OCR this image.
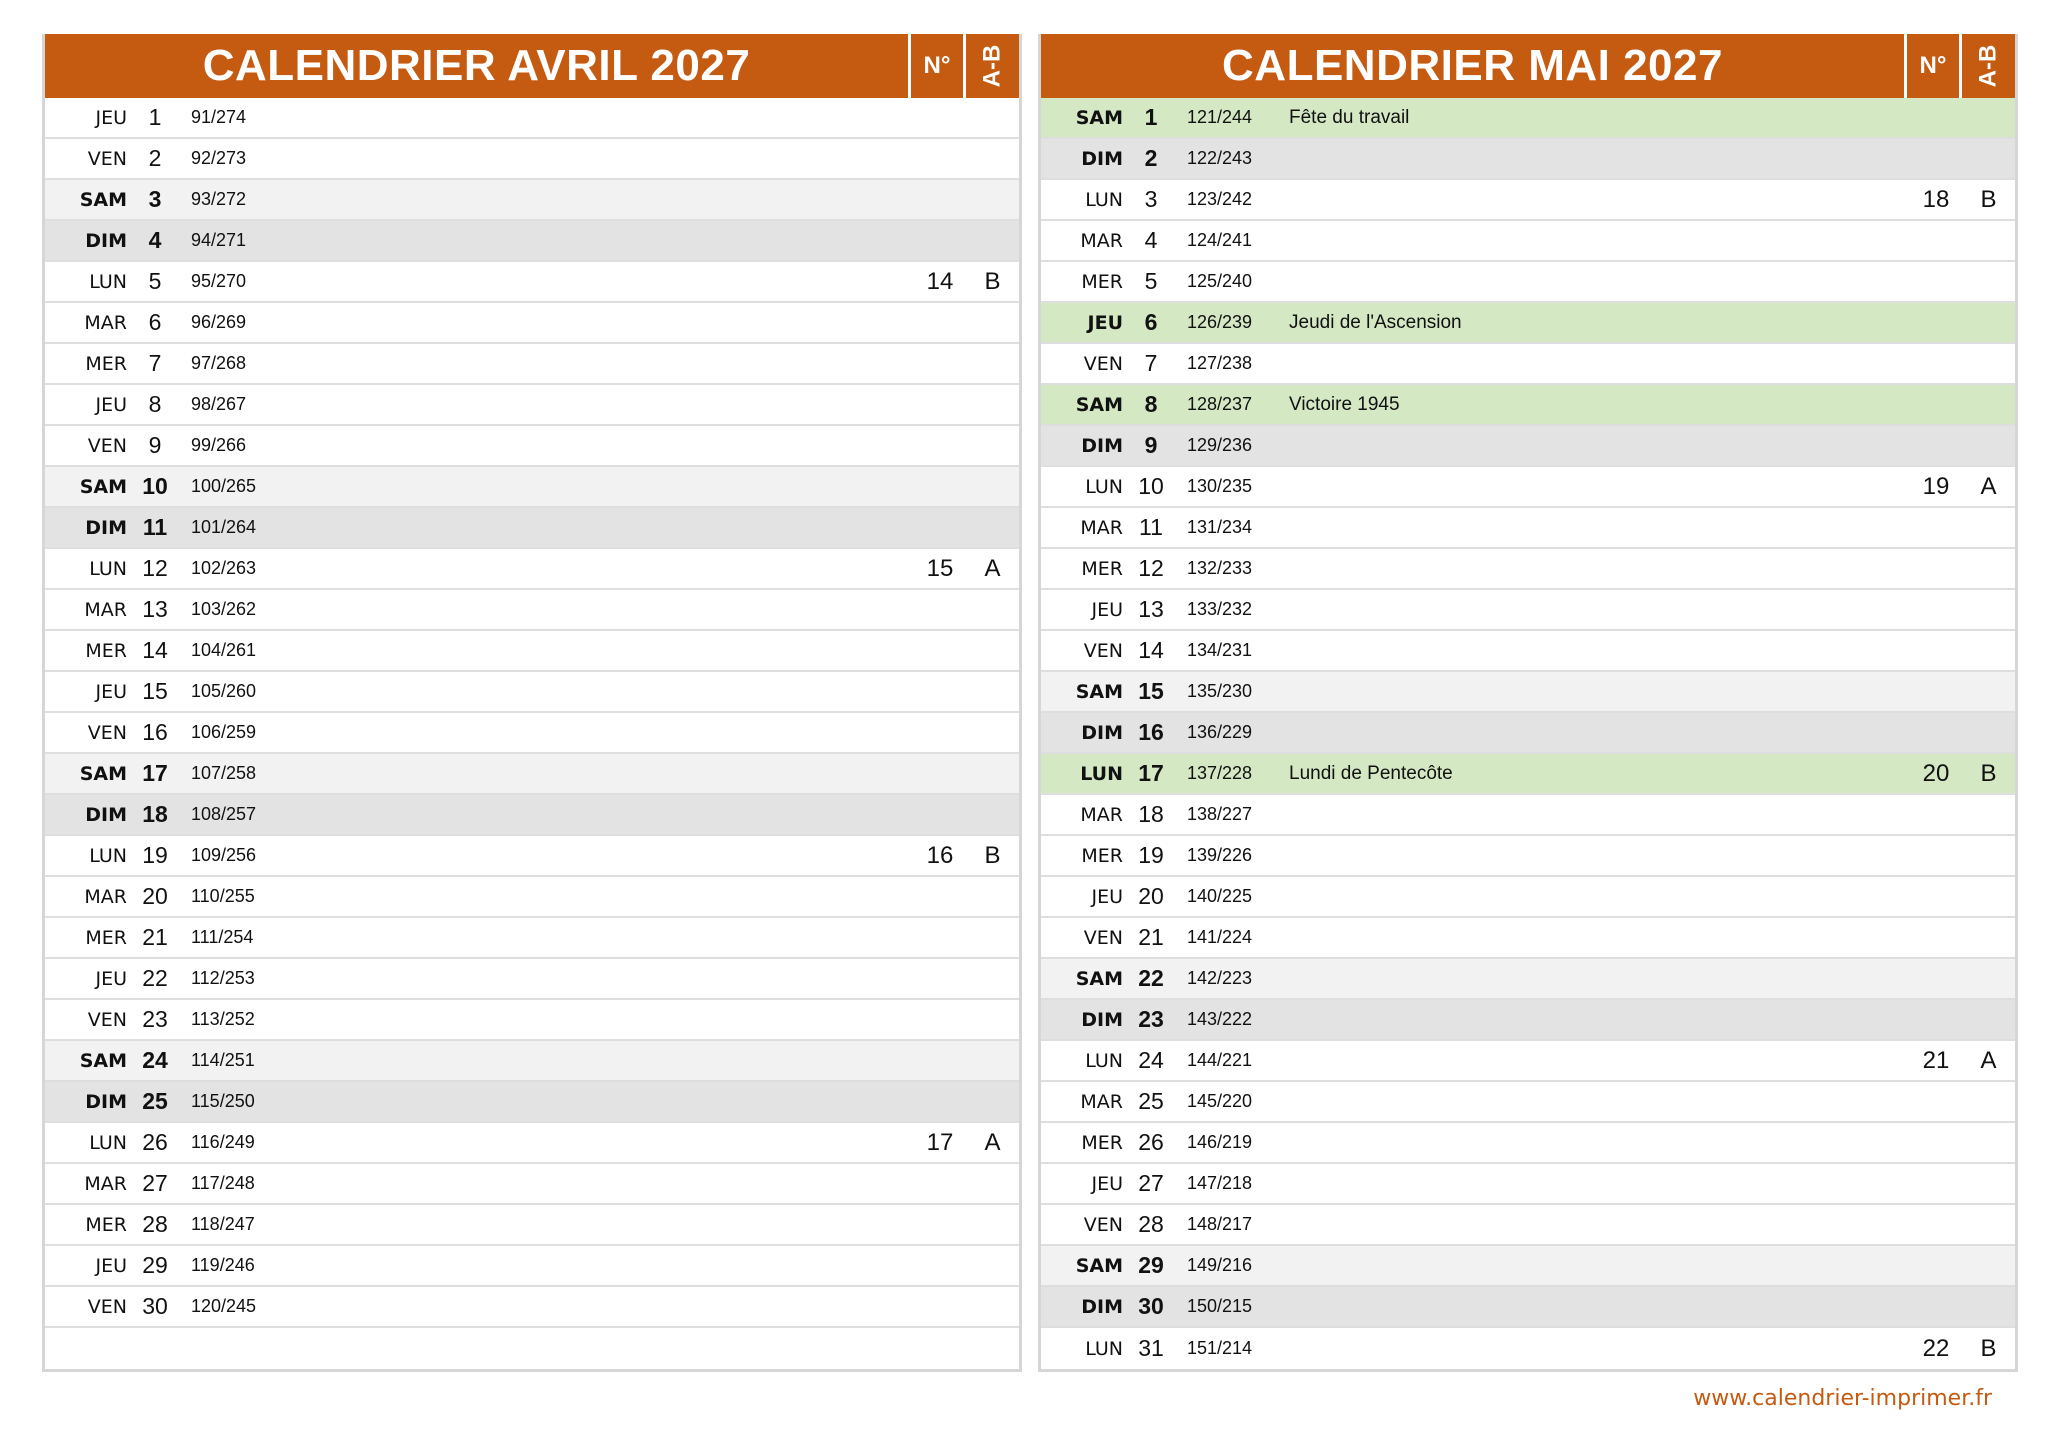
CALENDRIER AVRIL 2027	N°	A-B
JEU 1	91/274
VEN 2	92/273
SAM 3	93/272
DIM 4	94/271
LUN 5	95/270	14	B
MAR 6	96/269
MER 7	97/268
JEU 8	98/267
VEN 9	99/266
SAM 10	100/265
DIM 11	101/264
LUN 12	102/263	15	A
MAR 13	103/262
MER 14	104/261
JEU 15	105/260
VEN 16	106/259
SAM 17	107/258
DIM 18	108/257
LUN 19	109/256	16	B
MAR 20	110/255
MER 21	111/254
JEU 22	112/253
VEN 23	113/252
SAM 24	114/251
DIM 25	115/250
LUN 26	116/249	17	A
MAR 27	117/248
MER 28	118/247
JEU 29	119/246
VEN 30	120/245
CALENDRIER MAI 2027	N°	A-B
SAM 1	121/244	Fête du travail
DIM 2	122/243
LUN 3	123/242	18	B
MAR 4	124/241
MER 5	125/240
JEU 6	126/239	Jeudi de l'Ascension
VEN 7	127/238
SAM 8	128/237	Victoire 1945
DIM 9	129/236
LUN 10	130/235	19	A
MAR 11	131/234
MER 12	132/233
JEU 13	133/232
VEN 14	134/231
SAM 15	135/230
DIM 16	136/229
LUN 17	137/228	Lundi de Pentecôte	20	B
MAR 18	138/227
MER 19	139/226
JEU 20	140/225
VEN 21	141/224
SAM 22	142/223
DIM 23	143/222
LUN 24	144/221	21	A
MAR 25	145/220
MER 26	146/219
JEU 27	147/218
VEN 28	148/217
SAM 29	149/216
DIM 30	150/215
LUN 31	151/214	22	B
www.calendrier-imprimer.fr
